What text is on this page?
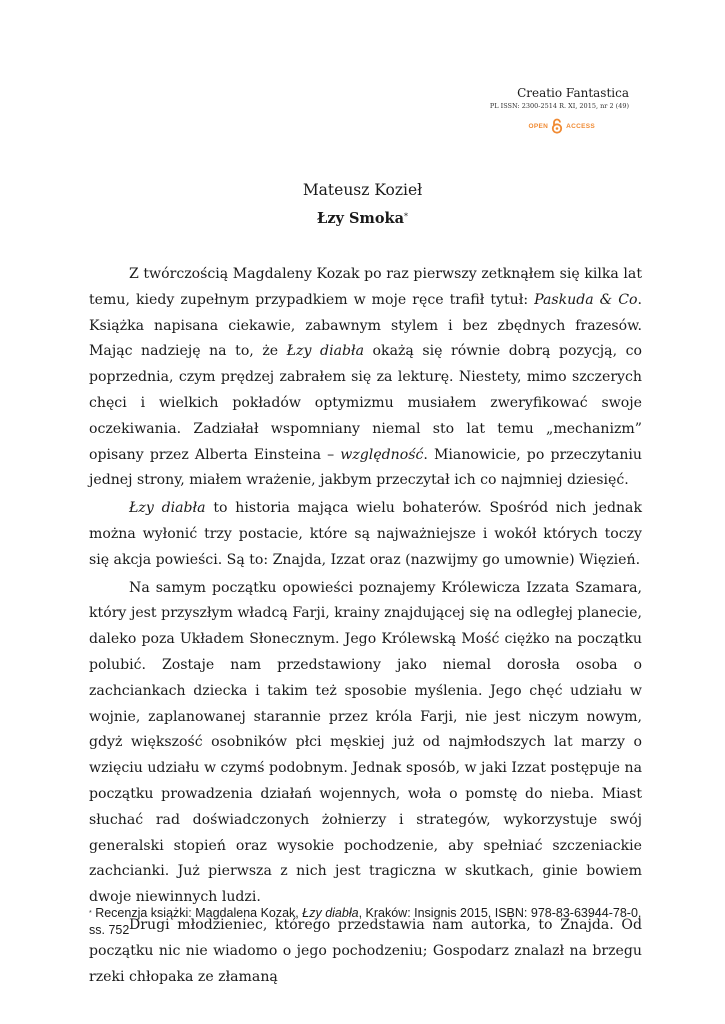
Creatio Fantastica
PL ISSN: 2300-2514 R. XI, 2015, nr 2 (49)
OPEN	ACCESS
Mateusz Kozieł
Łzy Smoka*

Z twórczością Magdaleny Kozak po raz pierwszy zetknąłem się kilka lat temu, kiedy zupełnym przypadkiem w moje ręce trafił tytuł: Paskuda & Co. Książka napisana ciekawie, zabawnym stylem i bez zbędnych frazesów. Mając nadzieję na to, że Łzy diabła okażą się równie dobrą pozycją, co poprzednia, czym prędzej zabrałem się za lekturę. Niestety, mimo szczerych chęci i wielkich pokładów optymizmu musiałem zweryfikować swoje oczekiwania. Zadziałał wspomniany niemal sto lat temu „mechanizm” opisany przez Alberta Einsteina – względność. Mianowicie, po przeczytaniu jednej strony, miałem wrażenie, jakbym przeczytał ich co najmniej dziesięć.

Łzy diabła to historia mająca wielu bohaterów. Spośród nich jednak można wyłonić trzy postacie, które są najważniejsze i wokół których toczy się akcja powieści. Są to: Znajda, Izzat oraz (nazwijmy go umownie) Więzień.

Na samym początku opowieści poznajemy Królewicza Izzata Szamara, który jest przyszłym władcą Farji, krainy znajdującej się na odległej planecie, daleko poza Układem Słonecznym. Jego Królewską Mość ciężko na początku polubić. Zostaje nam przedstawiony jako niemal dorosła osoba o zachciankach dziecka i takim też sposobie myślenia. Jego chęć udziału w wojnie, zaplanowanej starannie przez króla Farji, nie jest niczym nowym, gdyż większość osobników płci męskiej już od najmłodszych lat marzy o wzięciu udziału w czymś podobnym. Jednak sposób, w jaki Izzat postępuje na początku prowadzenia działań wojennych, woła o pomstę do nieba. Miast słuchać rad doświadczonych żołnierzy i strategów, wykorzystuje swój generalski stopień oraz wysokie pochodzenie, aby spełniać szczeniackie zachcianki. Już pierwsza z nich jest tragiczna w skutkach, ginie bowiem dwoje niewinnych ludzi.

Drugi młodzieniec, którego przedstawia nam autorka, to Znajda. Od początku nic nie wiadomo o jego pochodzeniu; Gospodarz znalazł na brzegu rzeki chłopaka ze złamaną

* Recenzja książki: Magdalena Kozak, Łzy diabła, Kraków: Insignis 2015, ISBN: 978-83-63944-78-0, ss. 752
